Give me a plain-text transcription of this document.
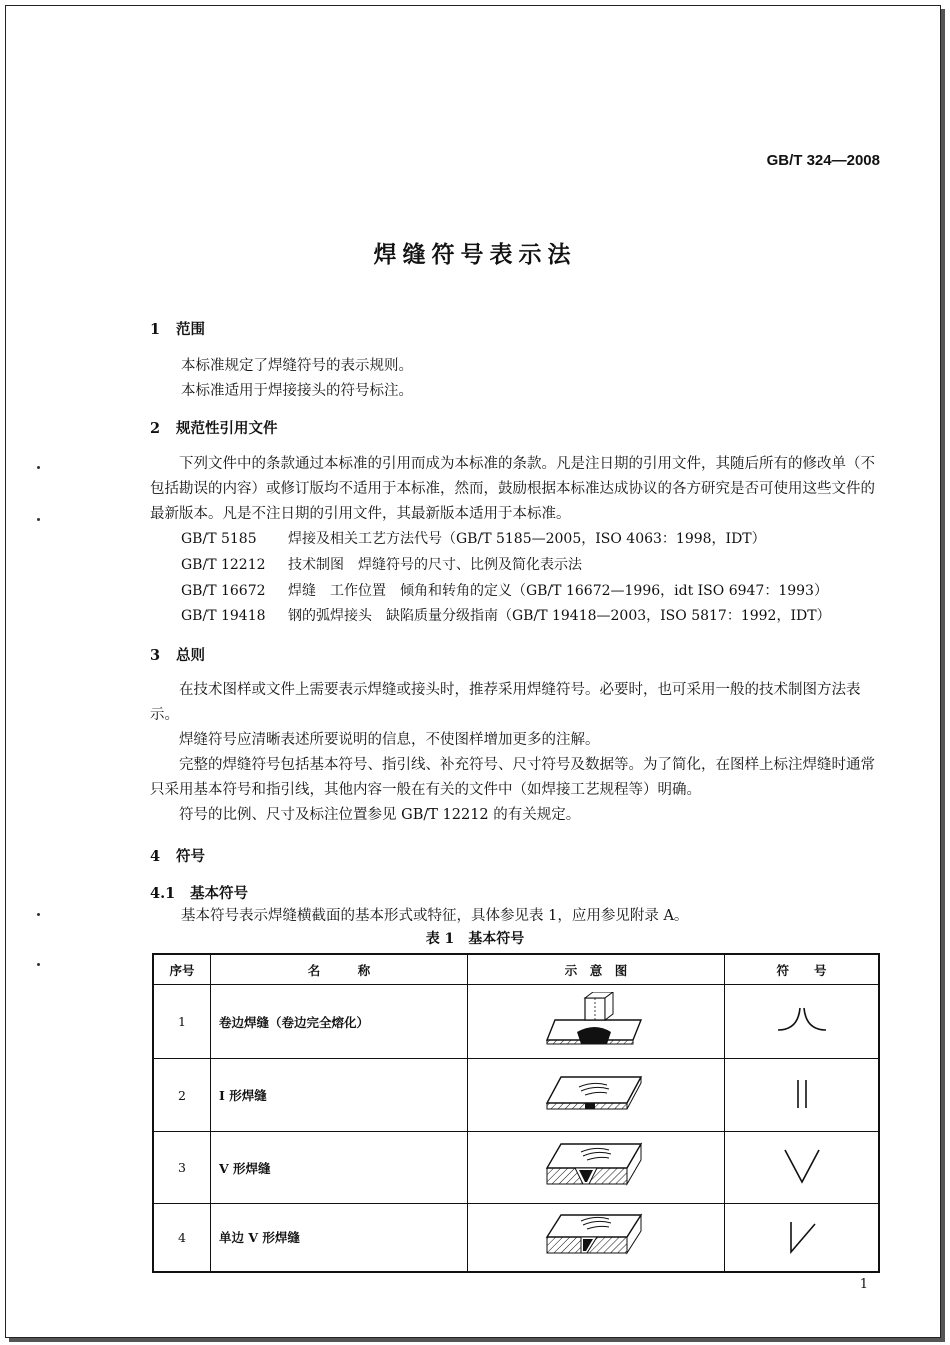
GB/T 324—2008
焊缝符号表示法
1 范围
本标准规定了焊缝符号的表示规则。
本标准适用于焊接接头的符号标注。
2 规范性引用文件
下列文件中的条款通过本标准的引用而成为本标准的条款。凡是注日期的引用文件，其随后所有的修改单（不包括勘误的内容）或修订版均不适用于本标准，然而，鼓励根据本标准达成协议的各方研究是否可使用这些文件的最新版本。凡是不注日期的引用文件，其最新版本适用于本标准。
GB/T 5185 焊接及相关工艺方法代号（GB/T 5185—2005，ISO 4063：1998，IDT）
GB/T 12212 技术制图　焊缝符号的尺寸、比例及简化表示法
GB/T 16672 焊缝　工作位置　倾角和转角的定义（GB/T 16672—1996，idt ISO 6947：1993）
GB/T 19418 钢的弧焊接头　缺陷质量分级指南（GB/T 19418—2003，ISO 5817：1992，IDT）
3 总则
在技术图样或文件上需要表示焊缝或接头时，推荐采用焊缝符号。必要时，也可采用一般的技术制图方法表示。
焊缝符号应清晰表述所要说明的信息，不使图样增加更多的注解。
完整的焊缝符号包括基本符号、指引线、补充符号、尺寸符号及数据等。为了简化，在图样上标注焊缝时通常只采用基本符号和指引线，其他内容一般在有关的文件中（如焊接工艺规程等）明确。
符号的比例、尺寸及标注位置参见 GB/T 12212 的有关规定。
4 符号
4.1 基本符号
基本符号表示焊缝横截面的基本形式或特征，具体参见表 1，应用参见附录 A。
表 1　基本符号
序号	名　　　称	示　意　图	符　　号
1	卷边焊缝（卷边完全熔化）		
2	I 形焊缝		
3	V 形焊缝		
4	单边 V 形焊缝		
1
